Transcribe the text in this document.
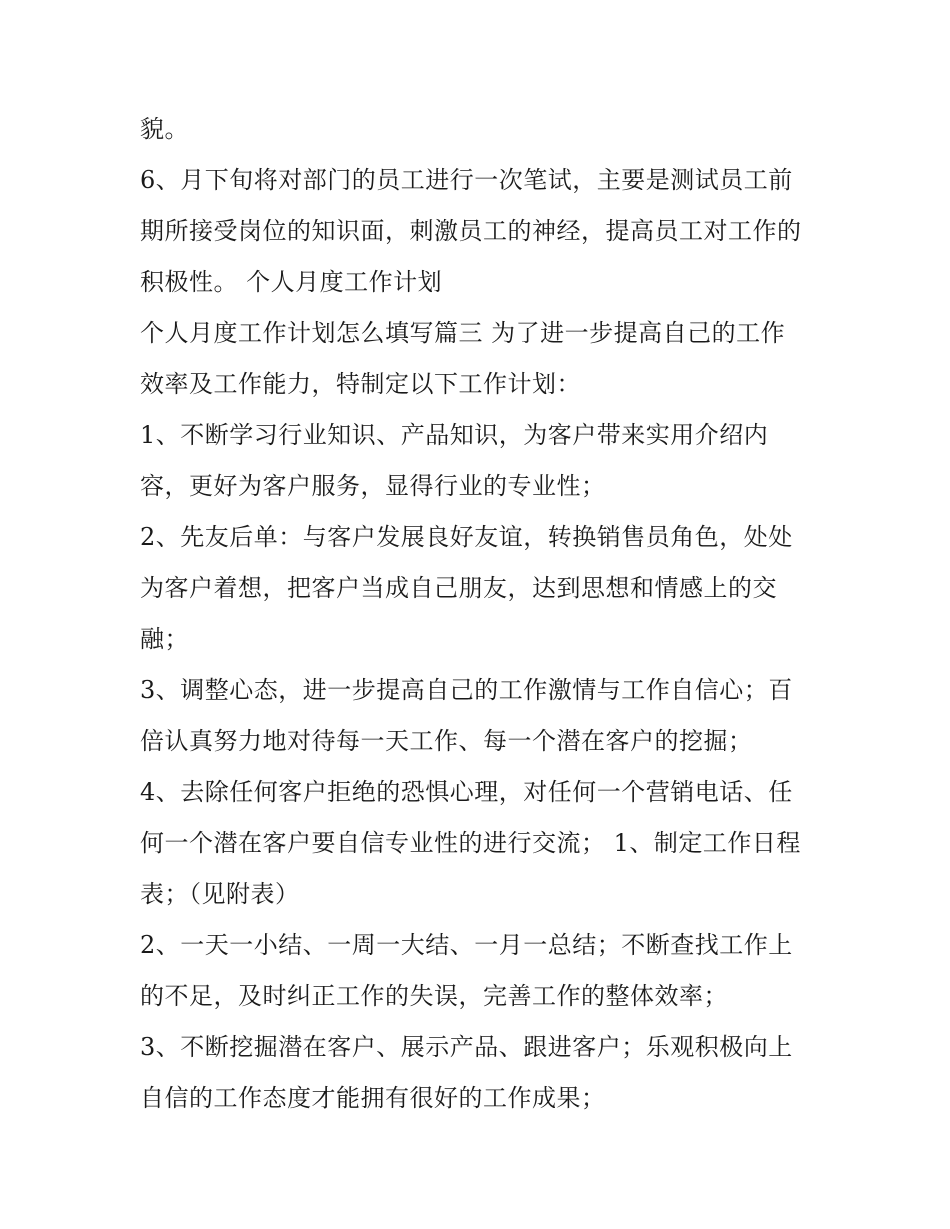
貌。
6、月下旬将对部门的员工进行一次笔试，主要是测试员工前
期所接受岗位的知识面，刺激员工的神经，提高员工对工作的
积极性。 个人月度工作计划
个人月度工作计划怎么填写篇三 为了进一步提高自己的工作
效率及工作能力，特制定以下工作计划：
1、不断学习行业知识、产品知识，为客户带来实用介绍内
容，更好为客户服务，显得行业的专业性；
2、先友后单：与客户发展良好友谊，转换销售员角色，处处
为客户着想，把客户当成自己朋友，达到思想和情感上的交
融；
3、调整心态，进一步提高自己的工作激情与工作自信心；百
倍认真努力地对待每一天工作、每一个潜在客户的挖掘；
4、去除任何客户拒绝的恐惧心理，对任何一个营销电话、任
何一个潜在客户要自信专业性的进行交流； 1、制定工作日程
表；（见附表）
2、一天一小结、一周一大结、一月一总结；不断查找工作上
的不足，及时纠正工作的失误，完善工作的整体效率；
3、不断挖掘潜在客户、展示产品、跟进客户；乐观积极向上
自信的工作态度才能拥有很好的工作成果；
